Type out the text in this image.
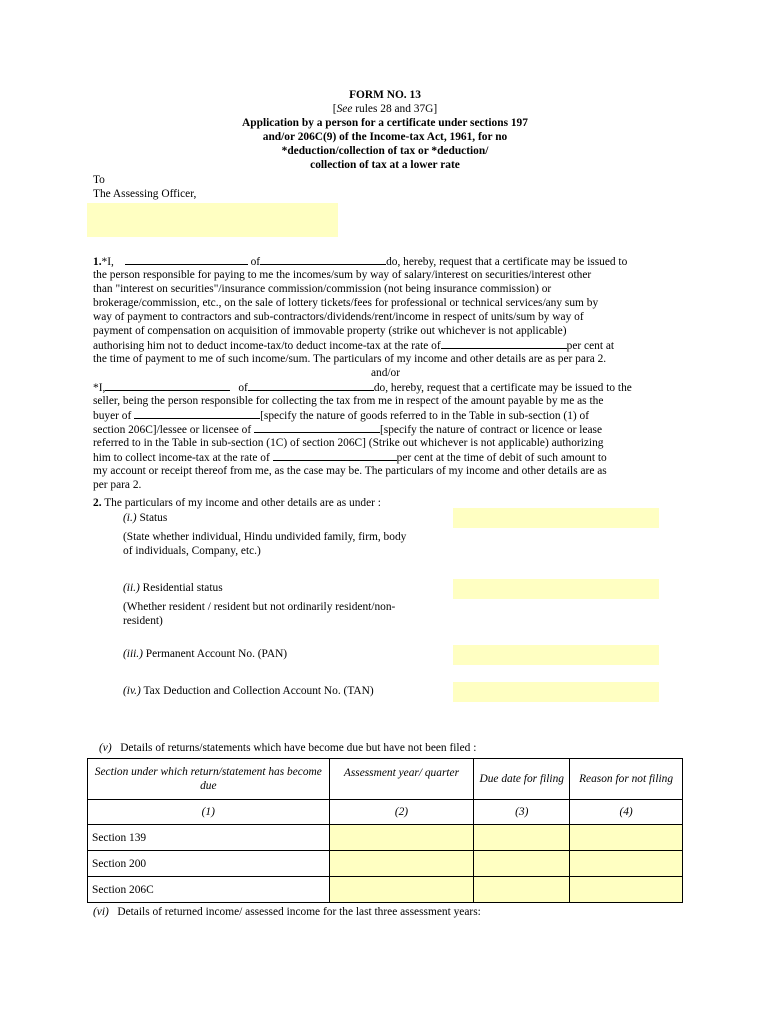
FORM NO. 13
[See rules 28 and 37G]
Application by a person for a certificate under sections 197
and/or 206C(9) of the Income-tax Act, 1961, for no
*deduction/collection of tax or *deduction/
collection of tax at a lower rate
To
The Assessing Officer,
1.*I,	of	do, hereby, request that a certificate may be issued to
the person responsible for paying to me the incomes/sum by way of salary/interest on securities/interest other
than "interest on securities"/insurance commission/commission (not being insurance commission) or
brokerage/commission, etc., on the sale of lottery tickets/fees for professional or technical services/any sum by
way of payment to contractors and sub-contractors/dividends/rent/income in respect of units/sum by way of
payment of compensation on acquisition of immovable property (strike out whichever is not applicable)
authorising him not to deduct income-tax/to deduct income-tax at the rate of	per cent at
the time of payment to me of such income/sum. The particulars of my income and other details are as per para 2.
and/or
*I,	of	do, hereby, request that a certificate may be issued to the
seller, being the person responsible for collecting the tax from me in respect of the amount payable by me as the
buyer of	[specify the nature of goods referred to in the Table in sub-section (1) of
section 206C]/lessee or licensee of	[specify the nature of contract or licence or lease
referred to in the Table in sub-section (1C) of section 206C] (Strike out whichever is not applicable) authorizing
him to collect income-tax at the rate of	per cent at the time of debit of such amount to
my account or receipt thereof from me, as the case may be. The particulars of my income and other details are as
per para 2.
2. The particulars of my income and other details are as under :
(i.) Status
(State whether individual, Hindu undivided family, firm, body
of individuals, Company, etc.)
(ii.) Residential status
(Whether resident / resident but not ordinarily resident/non-
resident)
(iii.) Permanent Account No. (PAN)
(iv.) Tax Deduction and Collection Account No. (TAN)
(v) Details of returns/statements which have become due but have not been filed :
Section under which return/statement has become due	Assessment year/ quarter	Due date for filing	Reason for not filing
(1)	(2)	(3)	(4)
Section 139			
Section 200			
Section 206C			
(vi) Details of returned income/ assessed income for the last three assessment years:
